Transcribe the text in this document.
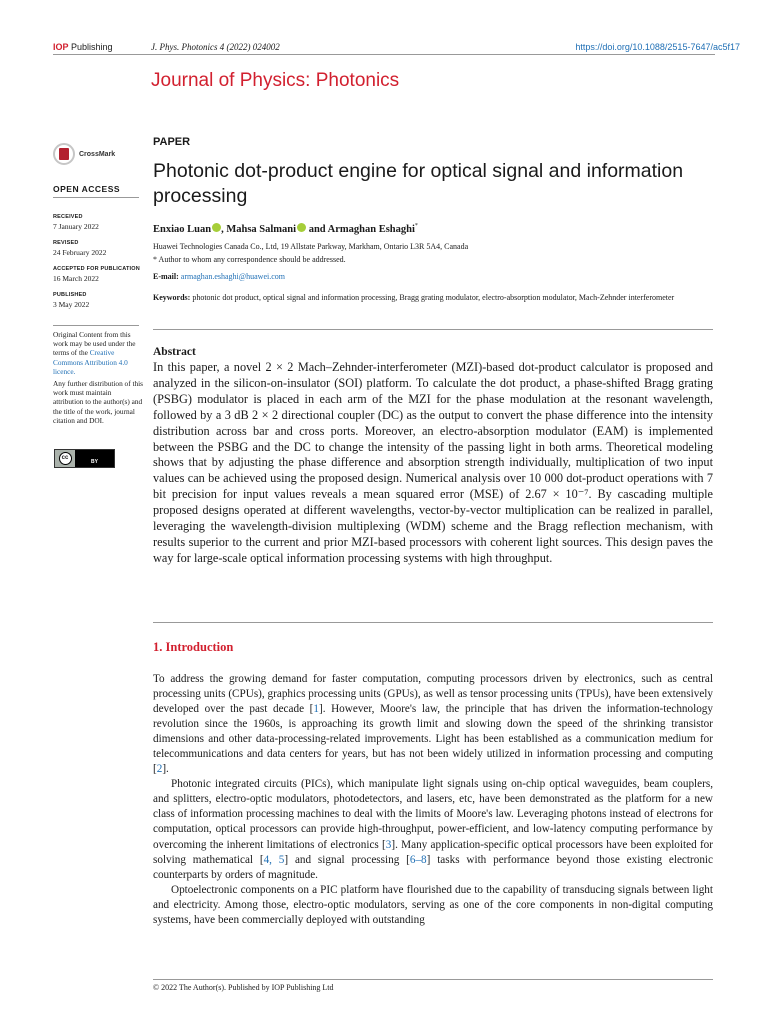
IOP Publishing	J. Phys. Photonics 4 (2022) 024002	https://doi.org/10.1088/2515-7647/ac5f17
Journal of Physics: Photonics
CrossMark
OPEN ACCESS
RECEIVED
7 January 2022
REVISED
24 February 2022
ACCEPTED FOR PUBLICATION
16 March 2022
PUBLISHED
3 May 2022
Original Content from this work may be used under the terms of the Creative Commons Attribution 4.0 licence.
Any further distribution of this work must maintain attribution to the author(s) and the title of the work, journal citation and DOI.
cc
BY
PAPER
Photonic dot-product engine for optical signal and information processing
Enxiao Luan , Mahsa Salmani and Armaghan Eshaghi*
Huawei Technologies Canada Co., Ltd, 19 Allstate Parkway, Markham, Ontario L3R 5A4, Canada
* Author to whom any correspondence should be addressed.
E-mail: armaghan.eshaghi@huawei.com
Keywords: photonic dot product, optical signal and information processing, Bragg grating modulator, electro-absorption modulator, Mach-Zehnder interferometer
Abstract
In this paper, a novel 2 × 2 Mach–Zehnder-interferometer (MZI)-based dot-product calculator is proposed and analyzed in the silicon-on-insulator (SOI) platform. To calculate the dot product, a phase-shifted Bragg grating (PSBG) modulator is placed in each arm of the MZI for the phase modulation at the resonant wavelength, followed by a 3 dB 2 × 2 directional coupler (DC) as the output to convert the phase difference into the intensity distribution across bar and cross ports. Moreover, an electro-absorption modulator (EAM) is implemented between the PSBG and the DC to change the intensity of the passing light in both arms. Theoretical modeling shows that by adjusting the phase difference and absorption strength individually, multiplication of two input values can be achieved using the proposed design. Numerical analysis over 10 000 dot-product operations with 7 bit precision for input values reveals a mean squared error (MSE) of 2.67 × 10⁻⁷. By cascading multiple proposed designs operated at different wavelengths, vector-by-vector multiplication can be realized in parallel, leveraging the wavelength-division multiplexing (WDM) scheme and the Bragg reflection mechanism, with results superior to the current and prior MZI-based processors with coherent light sources. This design paves the way for large-scale optical information processing systems with high throughput.
1. Introduction

To address the growing demand for faster computation, computing processors driven by electronics, such as central processing units (CPUs), graphics processing units (GPUs), as well as tensor processing units (TPUs), have been extensively developed over the past decade [1]. However, Moore's law, the principle that has driven the information-technology revolution since the 1960s, is approaching its growth limit and slowing down the speed of the shrinking transistor dimensions and other data-processing-related improvements. Light has been established as a communication medium for telecommunications and data centers for years, but has not been widely utilized in information processing and computing [2].

Photonic integrated circuits (PICs), which manipulate light signals using on-chip optical waveguides, beam couplers, and splitters, electro-optic modulators, photodetectors, and lasers, etc, have been demonstrated as the platform for a new class of information processing machines to deal with the limits of Moore's law. Leveraging photons instead of electrons for computation, optical processors can provide high-throughput, power-efficient, and low-latency computing performance by overcoming the inherent limitations of electronics [3]. Many application-specific optical processors have been exploited for solving mathematical [4, 5] and signal processing [6–8] tasks with performance beyond those existing electronic counterparts by orders of magnitude.

Optoelectronic components on a PIC platform have flourished due to the capability of transducing signals between light and electricity. Among those, electro-optic modulators, serving as one of the core components in non-digital computing systems, have been commercially deployed with outstanding

© 2022 The Author(s). Published by IOP Publishing Ltd
